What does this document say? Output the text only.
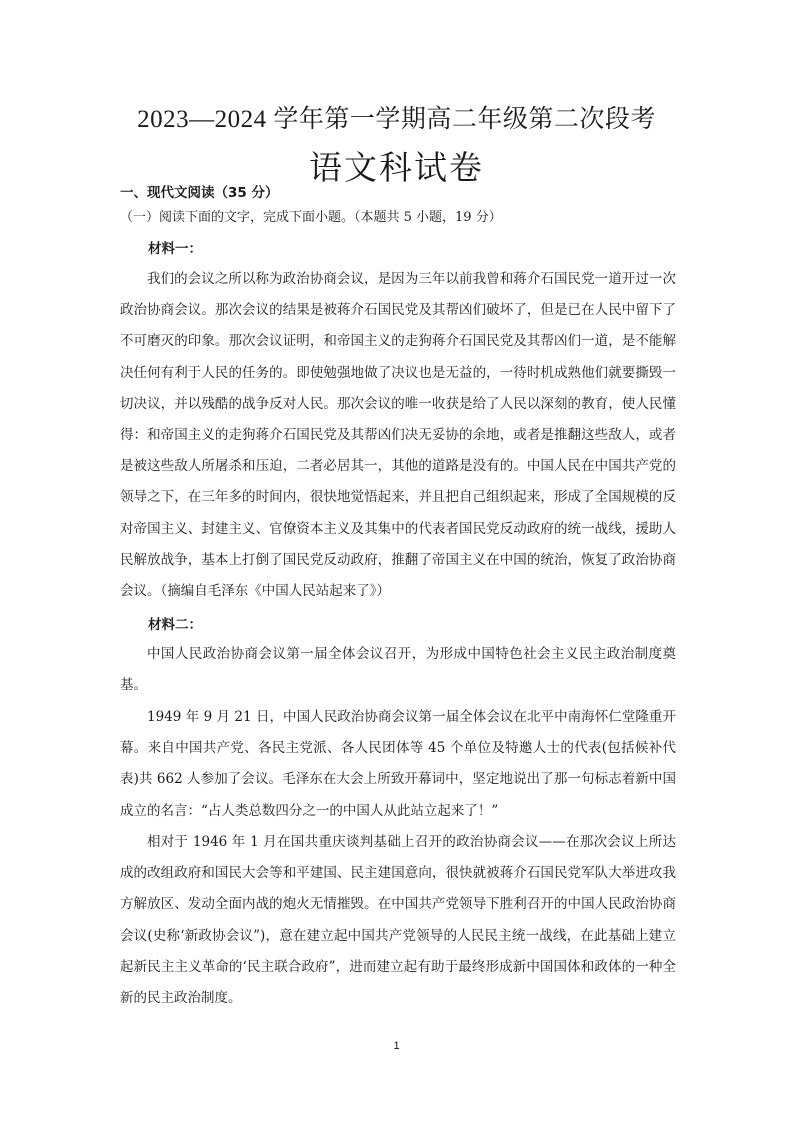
2023—2024 学年第一学期高二年级第二次段考
语文科试卷
一、现代文阅读（35 分）
（一）阅读下面的文字，完成下面小题。（本题共 5 小题，19 分）
材料一：

我们的会议之所以称为政治协商会议，是因为三年以前我曾和蒋介石国民党一道开过一次政治协商会议。那次会议的结果是被蒋介石国民党及其帮凶们破坏了，但是已在人民中留下了不可磨灭的印象。那次会议证明，和帝国主义的走狗蒋介石国民党及其帮凶们一道，是不能解决任何有利于人民的任务的。即使勉强地做了决议也是无益的，一待时机成熟他们就要撕毁一切决议，并以残酷的战争反对人民。那次会议的唯一收获是给了人民以深刻的教育，使人民懂得：和帝国主义的走狗蒋介石国民党及其帮凶们决无妥协的余地，或者是推翻这些敌人，或者是被这些敌人所屠杀和压迫，二者必居其一，其他的道路是没有的。中国人民在中国共产党的领导之下，在三年多的时间内，很快地觉悟起来，并且把自己组织起来，形成了全国规模的反对帝国主义、封建主义、官僚资本主义及其集中的代表者国民党反动政府的统一战线，援助人民解放战争，基本上打倒了国民党反动政府，推翻了帝国主义在中国的统治，恢复了政治协商会议。（摘编自毛泽东《中国人民站起来了》）

材料二：

中国人民政治协商会议第一届全体会议召开，为形成中国特色社会主义民主政治制度奠基。

1949 年 9 月 21 日，中国人民政治协商会议第一届全体会议在北平中南海怀仁堂隆重开幕。来自中国共产党、各民主党派、各人民团体等 45 个单位及特邀人士的代表(包括候补代表)共 662 人参加了会议。毛泽东在大会上所致开幕词中，坚定地说出了那一句标志着新中国成立的名言：“占人类总数四分之一的中国人从此站立起来了！”

相对于 1946 年 1 月在国共重庆谈判基础上召开的政治协商会议——在那次会议上所达成的改组政府和国民大会等和平建国、民主建国意向，很快就被蒋介石国民党军队大举进攻我方解放区、发动全面内战的炮火无情摧毁。在中国共产党领导下胜利召开的中国人民政治协商会议(史称‘新政协会议”)，意在建立起中国共产党领导的人民民主统一战线，在此基础上建立起新民主主义革命的‘民主联合政府”，进而建立起有助于最终形成新中国国体和政体的一种全新的民主政治制度。

1
